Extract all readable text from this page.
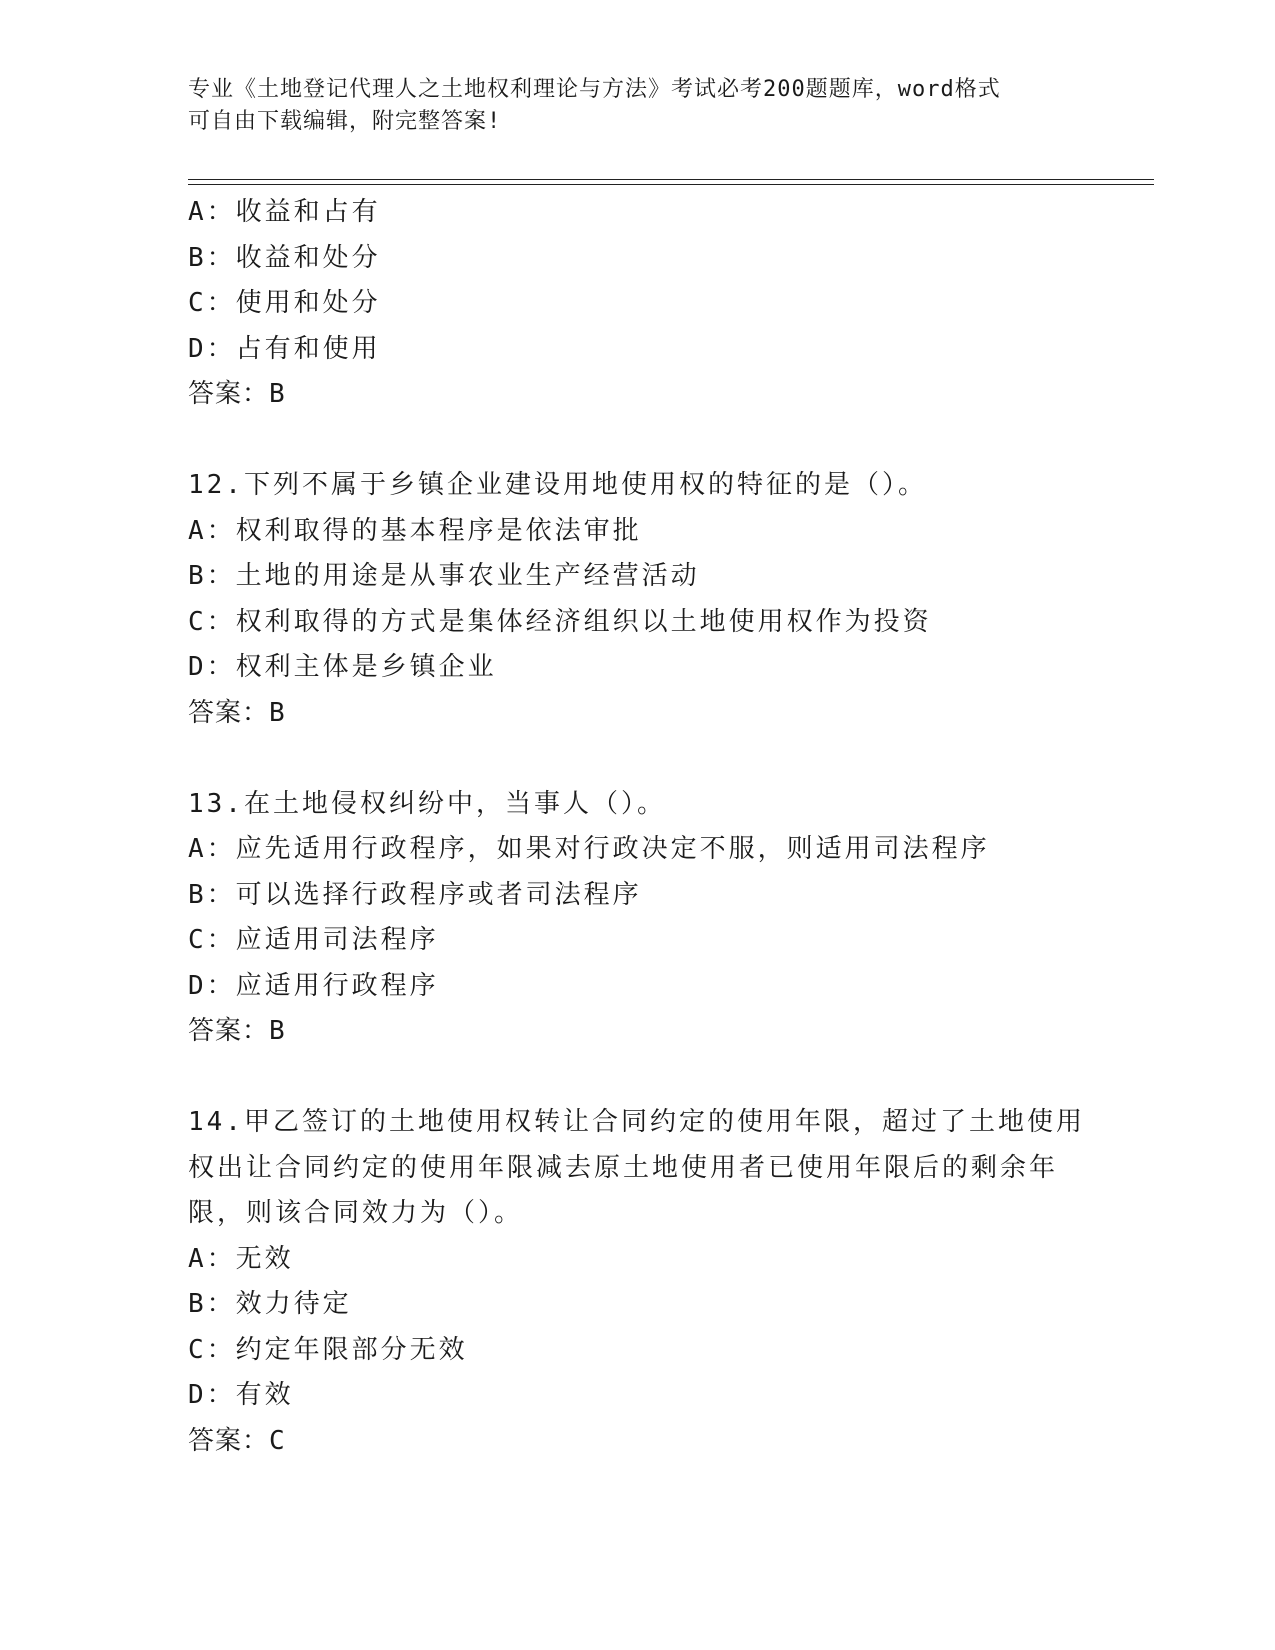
专业《土地登记代理人之土地权利理论与方法》考试必考200题题库，word格式
可自由下载编辑，附完整答案!
A：收益和占有
B：收益和处分
C：使用和处分
D：占有和使用
答案：B
12.下列不属于乡镇企业建设用地使用权的特征的是（）。
A：权利取得的基本程序是依法审批
B：土地的用途是从事农业生产经营活动
C：权利取得的方式是集体经济组织以土地使用权作为投资
D：权利主体是乡镇企业
答案：B
13.在土地侵权纠纷中，当事人（）。
A：应先适用行政程序，如果对行政决定不服，则适用司法程序
B：可以选择行政程序或者司法程序
C：应适用司法程序
D：应适用行政程序
答案：B
14.甲乙签订的土地使用权转让合同约定的使用年限，超过了土地使用
权出让合同约定的使用年限减去原土地使用者已使用年限后的剩余年
限，则该合同效力为（）。
A：无效
B：效力待定
C：约定年限部分无效
D：有效
答案：C
